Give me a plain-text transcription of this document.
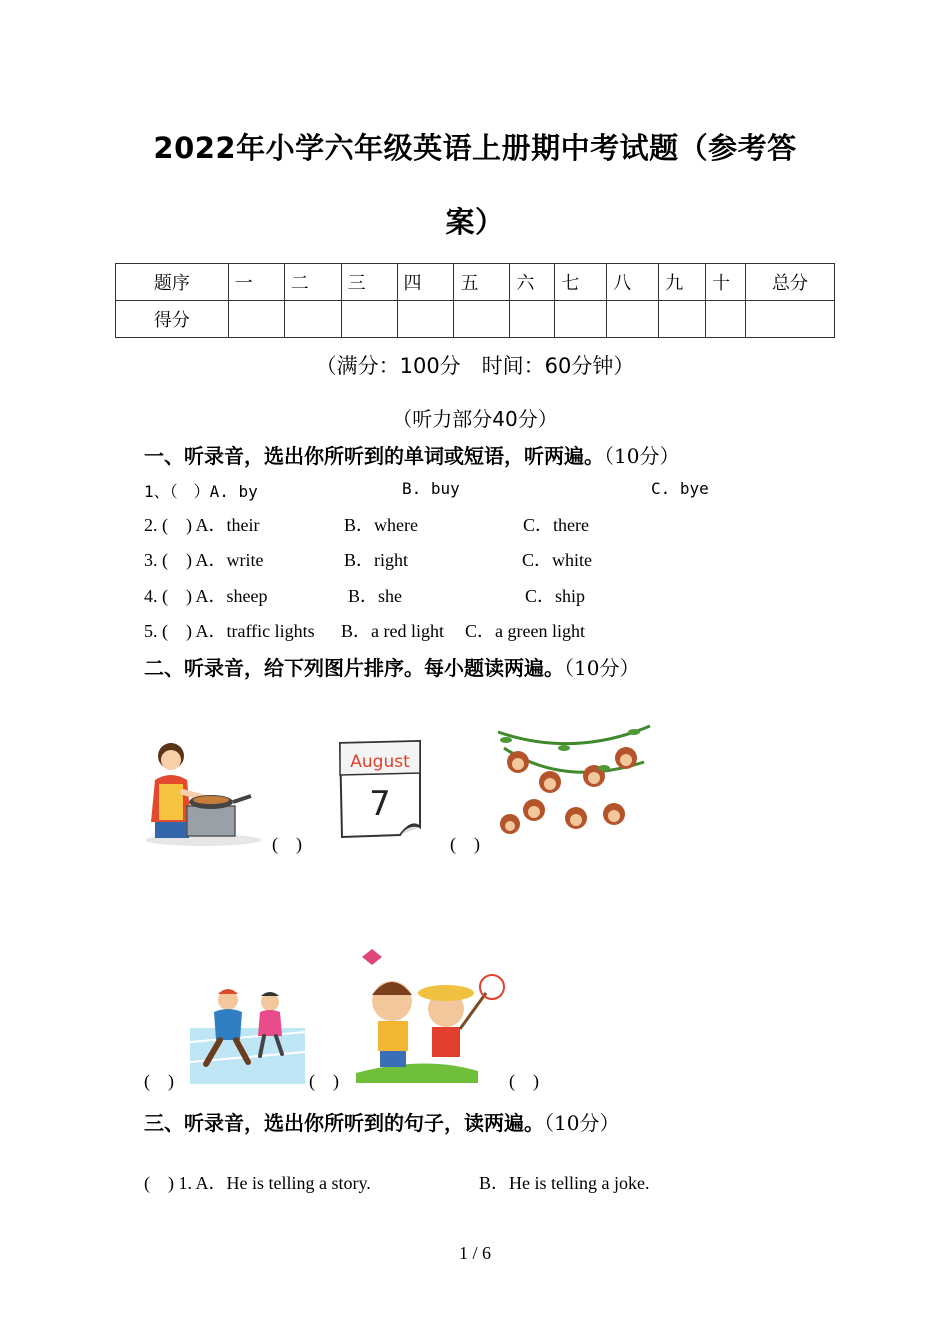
2022年小学六年级英语上册期中考试题（参考答
案）
题序	一	二	三	四	五	六	七	八	九	十	总分
得分											
（满分：100分　时间：60分钟）
（听力部分40分）
一、听录音，选出你所听到的单词或短语，听两遍。（10分）
1、（　）A. by	B. buy	C. bye
2. (　) A．their	B．where	C．there
3. (　) A．write	B．right	C．white
4. (　) A．sheep	B．she	C．ship
5. (　) A．traffic lights B．a red light C．a green light
二、听录音，给下列图片排序。每小题读两遍。（10分）
(　)
August
7
(　)
(　)	(　)	(　)
三、听录音，选出你所听到的句子，读两遍。（10分）
(　) 1. A．He is telling a story.	B．He is telling a joke.
1 / 6
